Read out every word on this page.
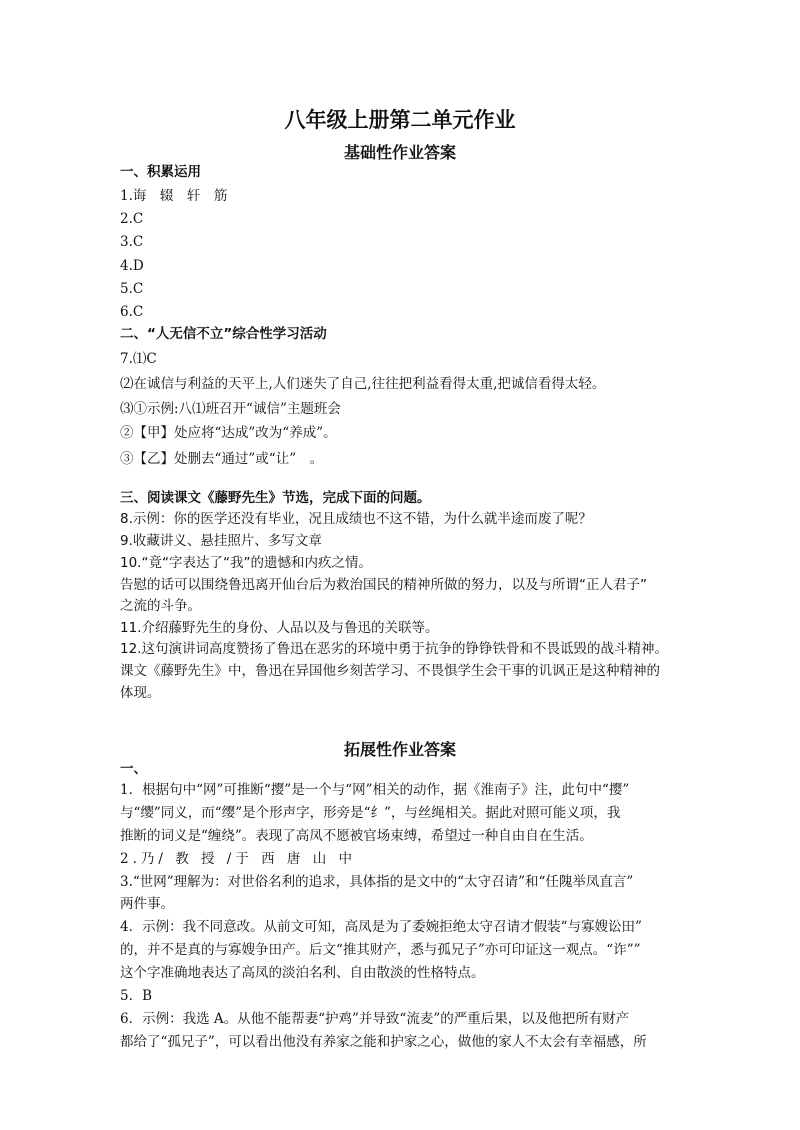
八年级上册第二单元作业
基础性作业答案
一、积累运用
1.诲　辍　轩　筋
2.C
3.C
4.D
5.C
6.C
二、“人无信不立”综合性学习活动
7.⑴C
⑵在诚信与利益的天平上,人们迷失了自己,往往把利益看得太重,把诚信看得太轻。
⑶①示例:八⑴班召开“诚信”主题班会
②【甲】处应将“达成”改为“养成”。
③【乙】处删去“通过”或“让”　。
三、阅读课文《藤野先生》节选，完成下面的问题。
8.示例：你的医学还没有毕业，况且成绩也不这不错，为什么就半途而废了呢？
9.收藏讲义、悬挂照片、多写文章
10.“竟“字表达了“我”的遗憾和内疚之情。
告慰的话可以围绕鲁迅离开仙台后为救治国民的精神所做的努力，以及与所谓“正人君子”
之流的斗争。
11.介绍藤野先生的身份、人品以及与鲁迅的关联等。
12.这句演讲词高度赞扬了鲁迅在恶劣的环境中勇于抗争的铮铮铁骨和不畏诋毁的战斗精神。
课文《藤野先生》中，鲁迅在异国他乡刻苦学习、不畏惧学生会干事的讥讽正是这种精神的
体现。
拓展性作业答案
一、
1．根据句中“网”可推断“撄”是一个与“网”相关的动作，据《淮南子》注，此句中“撄”
与“缨”同义，而“缨”是个形声字，形旁是“纟”，与丝绳相关。据此对照可能义项，我
推断的词义是“缠绕”。表现了高凤不愿被官场束缚，希望过一种自由自在生活。
2.乃/ 教 授 /于 西 唐 山 中
3.“世网”理解为：对世俗名利的追求，具体指的是文中的“太守召请”和“任隗举凤直言”
两件事。
4．示例：我不同意改。从前文可知，高凤是为了委婉拒绝太守召请才假装“与寡嫂讼田”
的，并不是真的与寡嫂争田产。后文“推其财产，悉与孤兄子”亦可印证这一观点。“诈””
这个字准确地表达了高凤的淡泊名利、自由散淡的性格特点。
5．B
6．示例：我选 A。从他不能帮妻“护鸡”并导致“流麦”的严重后果，以及他把所有财产
都给了“孤兄子”，可以看出他没有养家之能和护家之心，做他的家人不太会有幸福感，所
